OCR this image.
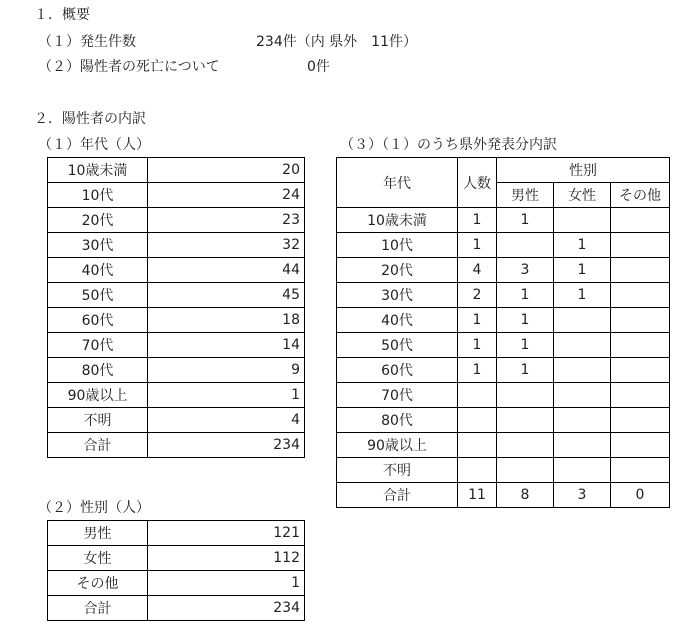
１．概要
（１）発生件数	234件（内 県外　11件）
（２）陽性者の死亡について	0件
２．陽性者の内訳
（１）年代（人）	（３）（１）のうち県外発表分内訳
10歳未満	20
10代	24
20代	23
30代	32
40代	44
50代	45
60代	18
70代	14
80代	9
90歳以上	1
不明	4
合計	234
（２）性別（人）
男性	121
女性	112
その他	1
合計	234
年代	人数	性別		
		男性	女性	その他
10歳未満	1	1		
10代	1		1	
20代	4	3	1	
30代	2	1	1	
40代	1	1		
50代	1	1		
60代	1	1		
70代				
80代				
90歳以上				
不明				
合計	11	8	3	0
